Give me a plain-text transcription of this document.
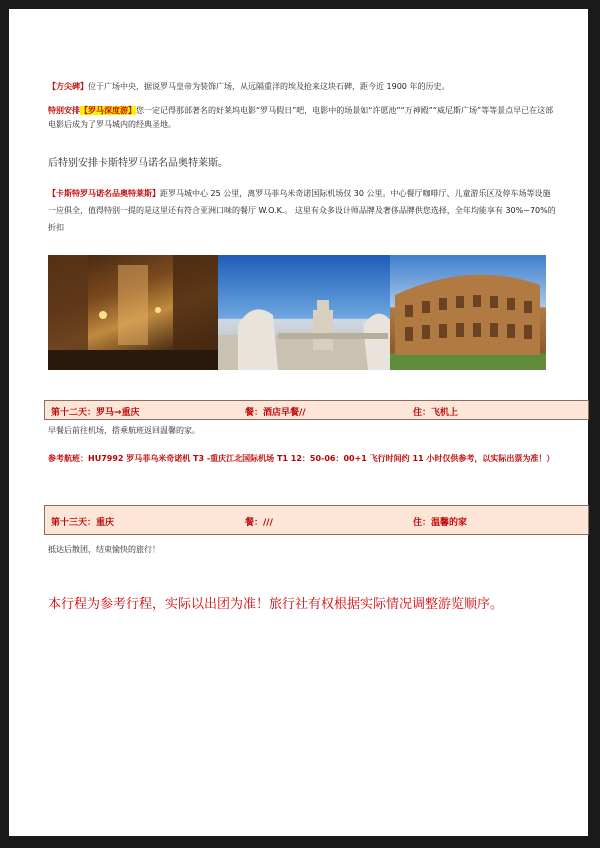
【方尖碑】位于广场中央，据说罗马皇帝为装饰广场，从远隔重洋的埃及抢来这块石碑，距今近 1900 年的历史。

特别安排【罗马深度游】您一定记得那部著名的好莱坞电影“罗马假日”吧，电影中的场景如“许愿池”“万神殿”“威尼斯广场”等等景点早已在这部电影后成为了罗马城内的经典圣地。

后特别安排卡斯特罗马诺名品奥特莱斯。

【卡斯特罗马诺名品奥特莱斯】距罗马城中心 25 公里，离罗马菲乌米奇诺国际机场仅 30 公里。中心餐厅咖啡厅、儿童游乐区及停车场等设施一应俱全，值得特别一提的是这里还有符合亚洲口味的餐厅 W.O.K.。 这里有众多设计师品牌及奢侈品牌供您选择，全年均能享有 30%~70%的折扣

第十二天：罗马→重庆	餐：酒店早餐//	住：飞机上

早餐后前往机场，搭乘航班返回温馨的家。

参考航班：HU7992 罗马菲乌米奇诺机 T3 -重庆江北国际机场 T1 12：50-06：00+1 飞行时间约 11 小时仅供参考，以实际出票为准！）

第十三天：重庆	餐：///	住：温馨的家

抵达后散团，结束愉快的旅行！

本行程为参考行程，实际以出团为准！旅行社有权根据实际情况调整游览顺序。
